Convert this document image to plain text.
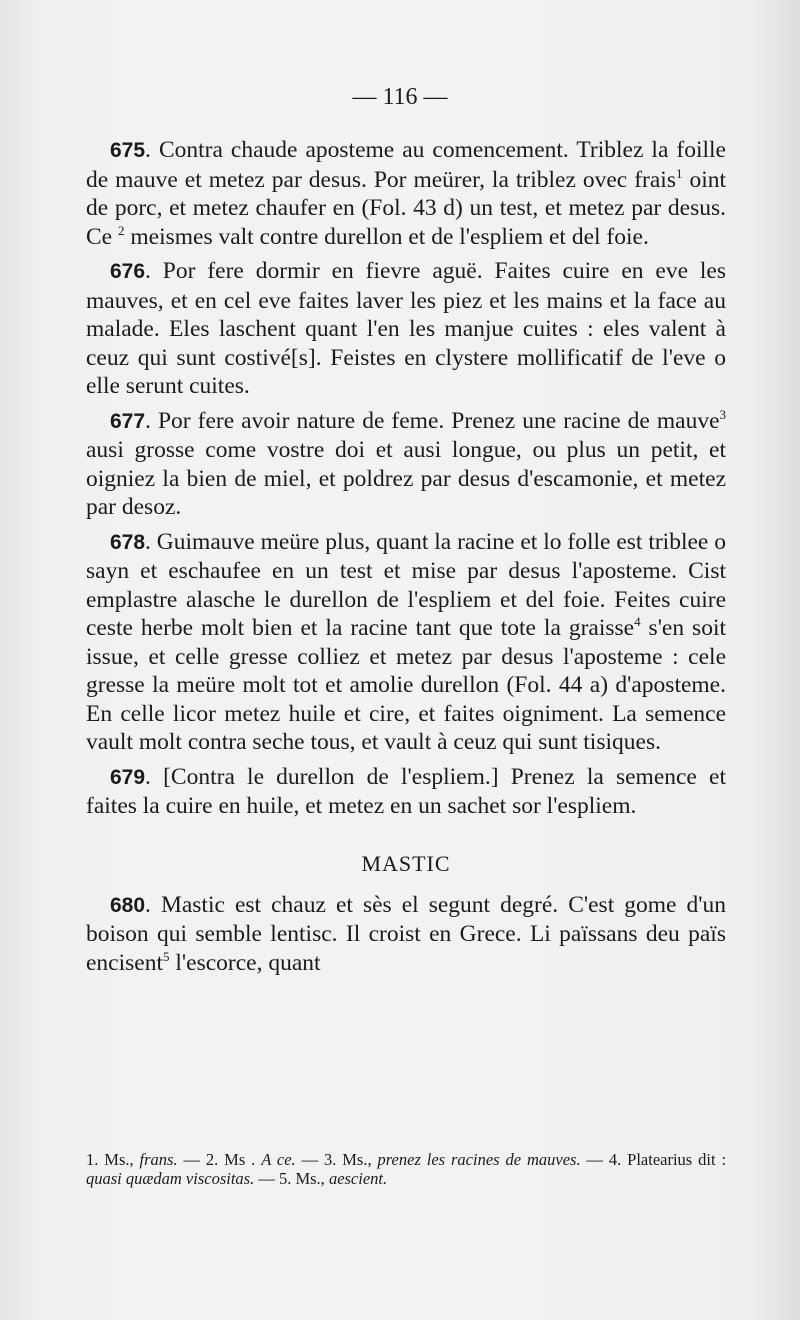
— 116 —

675. Contra chaude aposteme au comencement. Triblez la foille de mauve et metez par desus. Por meürer, la triblez ovec frais$^1$ oint de porc, et metez chaufer en (Fol. 43 d) un test, et metez par desus. Ce $^2$ meismes valt contre durellon et de l'espliem et del foie.

676. Por fere dormir en fievre aguë. Faites cuire en eve les mauves, et en cel eve faites laver les piez et les mains et la face au malade. Eles laschent quant l'en les manjue cuites : eles valent à ceuz qui sunt costivé[s]. Feistes en clystere mollificatif de l'eve o elle serunt cuites.

677. Por fere avoir nature de feme. Prenez une racine de mauve$^3$ ausi grosse come vostre doi et ausi longue, ou plus un petit, et oigniez la bien de miel, et poldrez par desus d'escamonie, et metez par desoz.

678. Guimauve meüre plus, quant la racine et lo folle est triblee o sayn et eschaufee en un test et mise par desus l'aposteme. Cist emplastre alasche le durellon de l'espliem et del foie. Feites cuire ceste herbe molt bien et la racine tant que tote la graisse$^4$ s'en soit issue, et celle gresse colliez et metez par desus l'aposteme : cele gresse la meüre molt tot et amolie durellon (Fol. 44 a) d'aposteme. En celle licor metez huile et cire, et faites oigniment. La semence vault molt contra seche tous, et vault à ceuz qui sunt tisiques.

679. [Contra le durellon de l'espliem.] Prenez la semence et faites la cuire en huile, et metez en un sachet sor l'espliem.

MASTIC

680. Mastic est chauz et sès el segunt degré. C'est gome d'un boison qui semble lentisc. Il croist en Grece. Li païssans deu païs encisent$^5$ l'escorce, quant

1. Ms., frans. — 2. Ms . A ce. — 3. Ms., prenez les racines de mauves. — 4. Platearius dit : quasi quædam viscositas. — 5. Ms., aescient.
